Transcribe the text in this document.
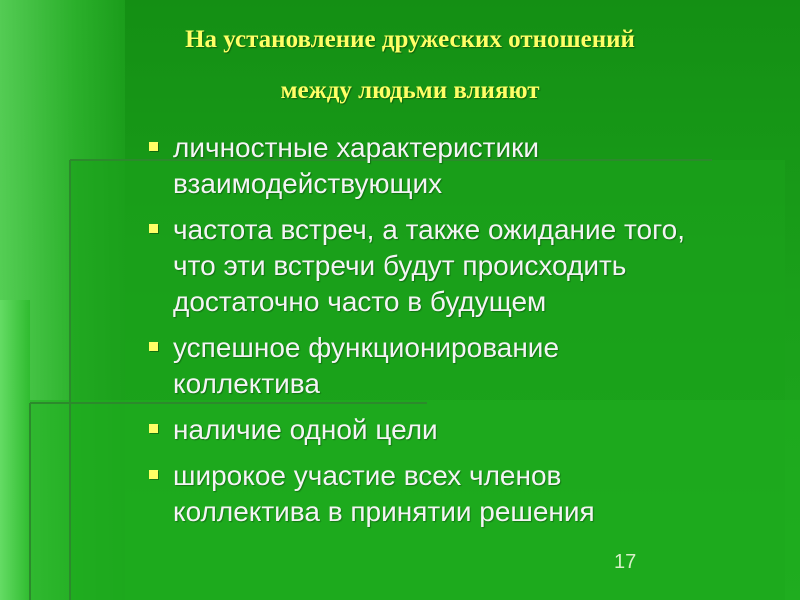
На установление дружеских отношений
между людьми влияют
личностные характеристики
взаимодействующих
частота встреч, а также ожидание того,
что эти встречи будут происходить
достаточно часто в будущем
успешное функционирование
коллектива
наличие одной цели
широкое участие всех членов
коллектива в принятии решения
17
